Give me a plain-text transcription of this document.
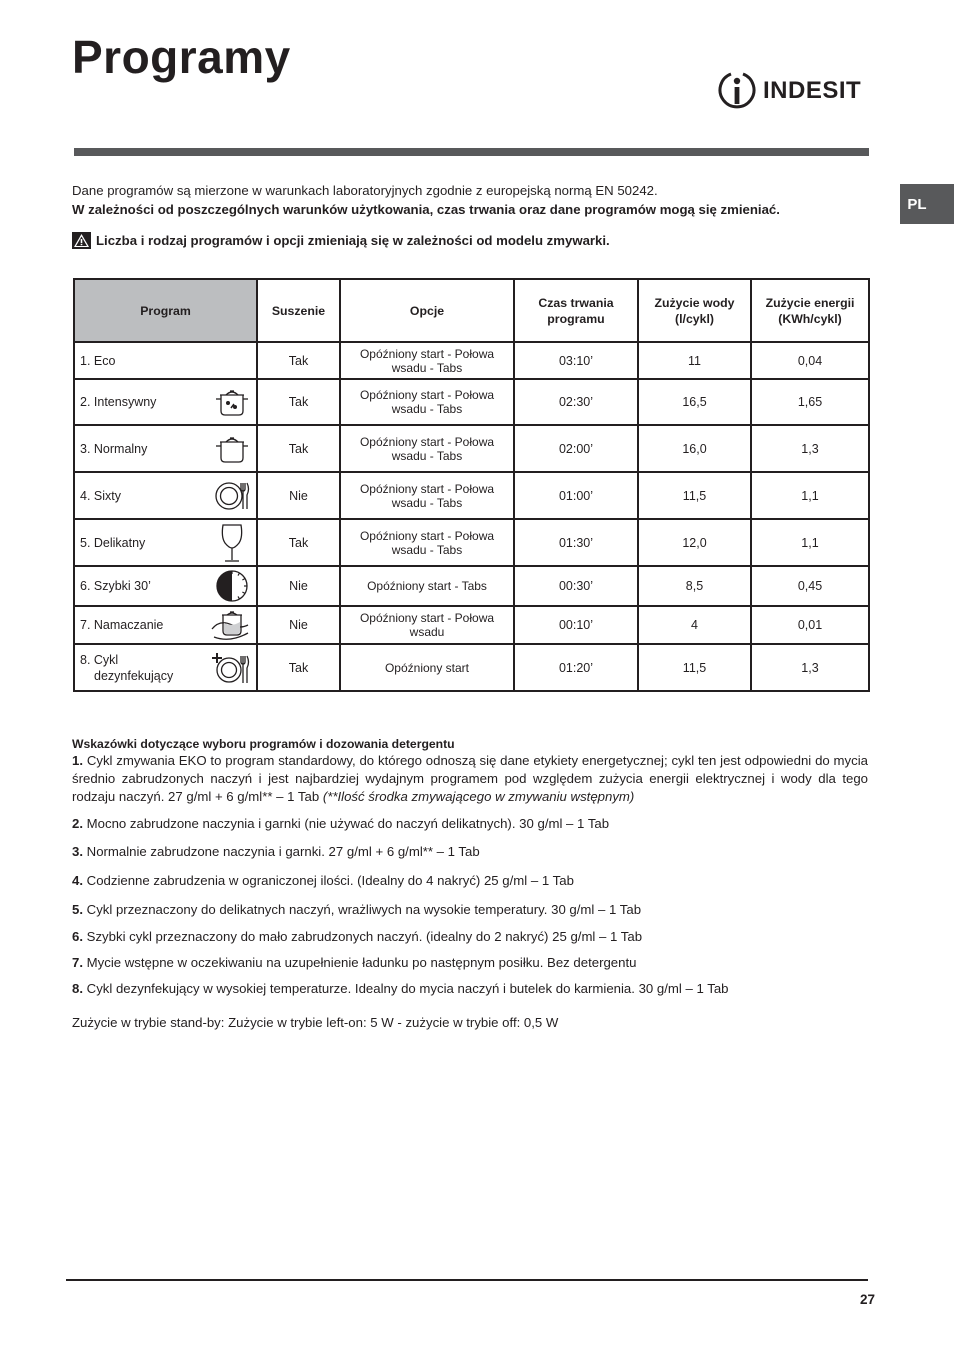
Programy
INDESIT
PL
Dane programów są mierzone w warunkach laboratoryjnych zgodnie z europejską normą EN 50242.
W zależności od poszczególnych warunków użytkowania, czas trwania oraz dane programów mogą się zmieniać.
Liczba i rodzaj programów i opcji zmieniają się w zależności od modelu zmywarki.
Program	Suszenie	Opcje	Czas trwania programu	Zużycie wody (l/cykl)	Zużycie energii (KWh/cykl)

1. Eco	Tak	Opóźniony start - Połowa wsadu - Tabs	03:10’	11	0,04

2. Intensywny	Tak	Opóźniony start - Połowa wsadu - Tabs	02:30’	16,5	1,65

3. Normalny	Tak	Opóźniony start - Połowa wsadu - Tabs	02:00’	16,0	1,3

4. Sixty	Nie	Opóźniony start - Połowa wsadu - Tabs	01:00’	11,5	1,1

5. Delikatny	Tak	Opóźniony start - Połowa wsadu - Tabs	01:30’	12,0	1,1

6. Szybki 30’	Nie	Opóźniony start - Tabs	00:30’	8,5	0,45

7. Namaczanie	Nie	Opóźniony start - Połowa wsadu	00:10’	4	0,01

8. Cykl
dezynfekujący	Tak	Opóźniony start	01:20’	11,5	1,3
Wskazówki dotyczące wyboru programów i dozowania detergentu

1. Cykl zmywania EKO to program standardowy, do którego odnoszą się dane etykiety energetycznej; cykl ten jest odpowiedni do mycia średnio zabrudzonych naczyń i jest najbardziej wydajnym programem pod względem zużycia energii elektrycznej i wody dla tego rodzaju naczyń. 27 g/ml + 6 g/ml** – 1 Tab (**Ilość środka zmywającego w zmywaniu wstępnym)

2. Mocno zabrudzone naczynia i garnki (nie używać do naczyń delikatnych). 30 g/ml – 1 Tab

3. Normalnie zabrudzone naczynia i garnki. 27 g/ml + 6 g/ml** – 1 Tab

4. Codzienne zabrudzenia w ograniczonej ilości. (Idealny do 4 nakryć) 25 g/ml – 1 Tab

5. Cykl przeznaczony do delikatnych naczyń, wrażliwych na wysokie temperatury. 30 g/ml – 1 Tab

6. Szybki cykl przeznaczony do mało zabrudzonych naczyń. (idealny do 2 nakryć) 25 g/ml – 1 Tab

7. Mycie wstępne w oczekiwaniu na uzupełnienie ładunku po następnym posiłku. Bez detergentu

8. Cykl dezynfekujący w wysokiej temperaturze. Idealny do mycia naczyń i butelek do karmienia. 30 g/ml – 1 Tab

Zużycie w trybie stand-by: Zużycie w trybie left-on: 5 W - zużycie w trybie off: 0,5 W

27
